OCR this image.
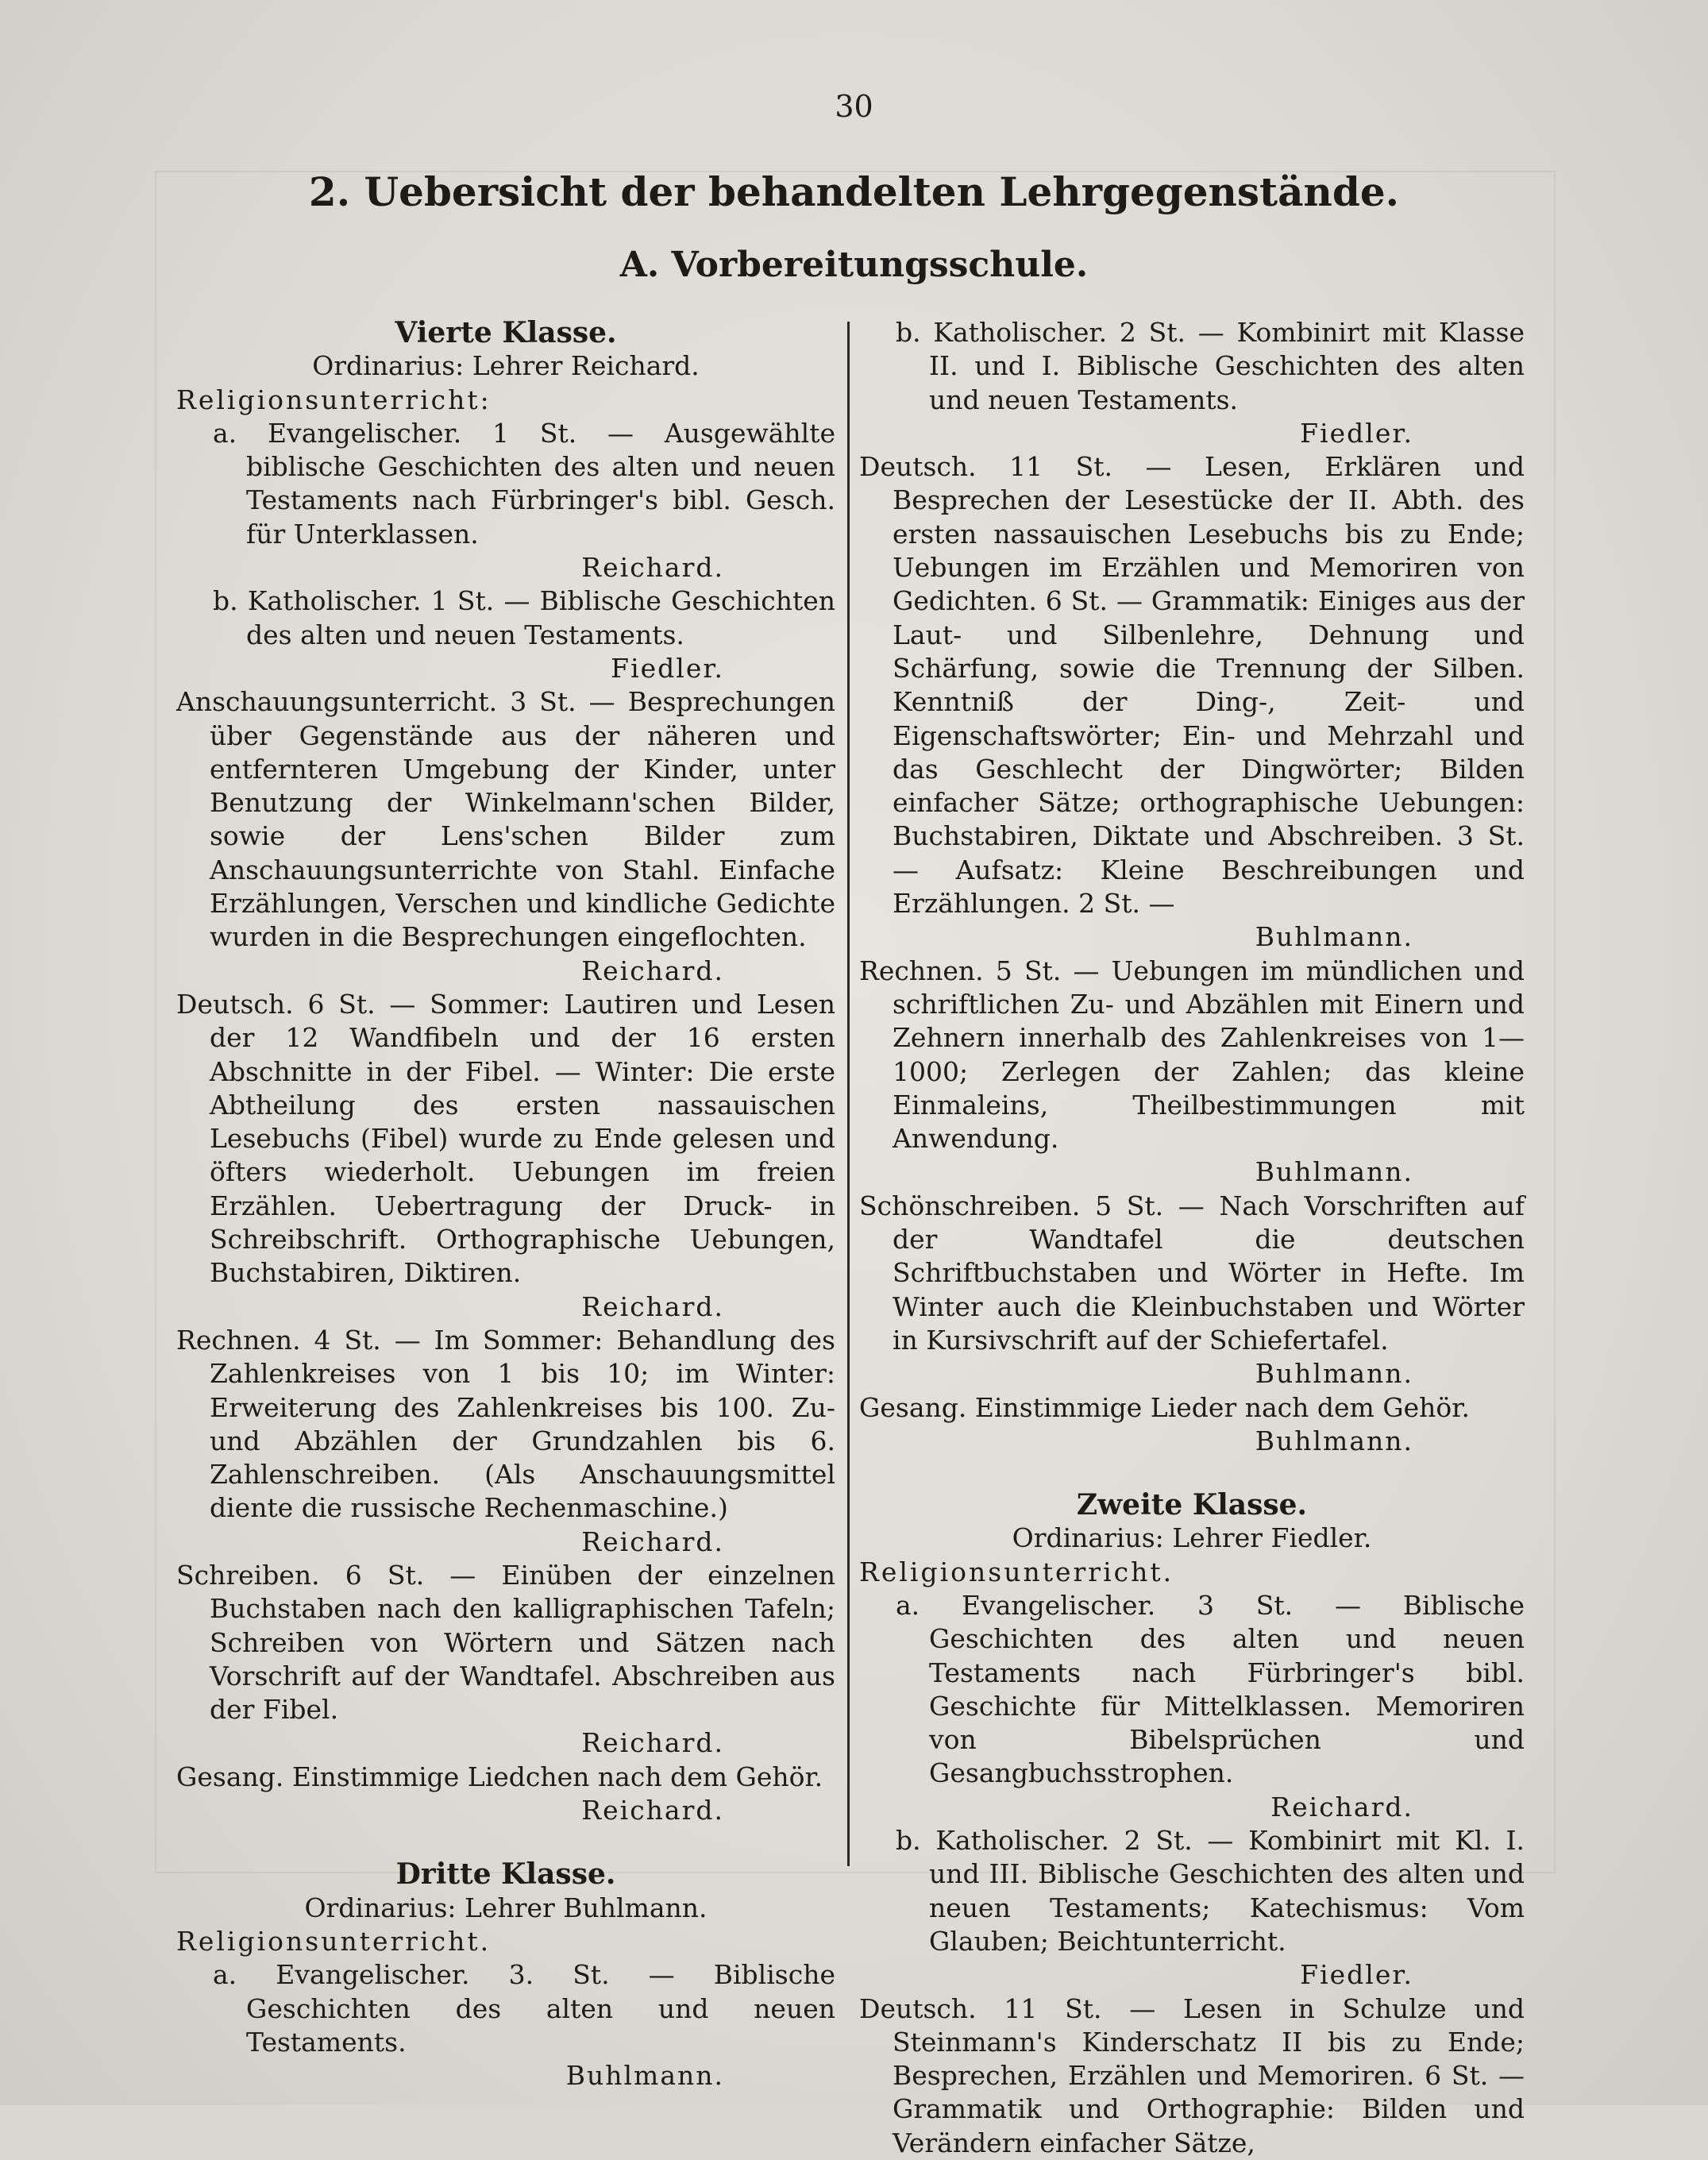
30
2. Uebersicht der behandelten Lehrgegenstände.
A. Vorbereitungsschule.

Vierte Klasse.

Ordinarius: Lehrer Reichard.

Religionsunterricht:

a. Evangelischer. 1 St. — Ausgewählte biblische Geschichten des alten und neuen Testaments nach Fürbringer's bibl. Gesch. für Unterklassen.

Reichard.

b. Katholischer. 1 St. — Biblische Geschichten des alten und neuen Testaments.

Fiedler.

Anschauungsunterricht. 3 St. — Besprechungen über Gegenstände aus der näheren und entfernteren Umgebung der Kinder, unter Benutzung der Winkelmann'schen Bilder, sowie der Lens'schen Bilder zum Anschauungsunterrichte von Stahl. Einfache Erzählungen, Verschen und kindliche Gedichte wurden in die Besprechungen eingeflochten.

Reichard.

Deutsch. 6 St. — Sommer: Lautiren und Lesen der 12 Wandfibeln und der 16 ersten Abschnitte in der Fibel. — Winter: Die erste Abtheilung des ersten nassauischen Lesebuchs (Fibel) wurde zu Ende gelesen und öfters wiederholt. Uebungen im freien Erzählen. Uebertragung der Druck- in Schreibschrift. Orthographische Uebungen, Buchstabiren, Diktiren.

Reichard.

Rechnen. 4 St. — Im Sommer: Behandlung des Zahlenkreises von 1 bis 10; im Winter: Erweiterung des Zahlenkreises bis 100. Zu- und Abzählen der Grundzahlen bis 6. Zahlenschreiben. (Als Anschauungsmittel diente die russische Rechenmaschine.)

Reichard.

Schreiben. 6 St. — Einüben der einzelnen Buchstaben nach den kalligraphischen Tafeln; Schreiben von Wörtern und Sätzen nach Vorschrift auf der Wandtafel. Abschreiben aus der Fibel.

Reichard.

Gesang. Einstimmige Liedchen nach dem Gehör.

Reichard.

Dritte Klasse.

Ordinarius: Lehrer Buhlmann.

Religionsunterricht.

a. Evangelischer. 3. St. — Biblische Geschichten des alten und neuen Testaments.

Buhlmann.

b. Katholischer. 2 St. — Kombinirt mit Klasse II. und I. Biblische Geschichten des alten und neuen Testaments.

Fiedler.

Deutsch. 11 St. — Lesen, Erklären und Besprechen der Lesestücke der II. Abth. des ersten nassauischen Lesebuchs bis zu Ende; Uebungen im Erzählen und Memoriren von Gedichten. 6 St. — Grammatik: Einiges aus der Laut- und Silbenlehre, Dehnung und Schärfung, sowie die Trennung der Silben. Kenntniß der Ding-, Zeit- und Eigenschaftswörter; Ein- und Mehrzahl und das Geschlecht der Dingwörter; Bilden einfacher Sätze; orthographische Uebungen: Buchstabiren, Diktate und Abschreiben. 3 St. — Aufsatz: Kleine Beschreibungen und Erzählungen. 2 St. —

Buhlmann.

Rechnen. 5 St. — Uebungen im mündlichen und schriftlichen Zu- und Abzählen mit Einern und Zehnern innerhalb des Zahlenkreises von 1—1000; Zerlegen der Zahlen; das kleine Einmaleins, Theilbestimmungen mit Anwendung.

Buhlmann.

Schönschreiben. 5 St. — Nach Vorschriften auf der Wandtafel die deutschen Schriftbuchstaben und Wörter in Hefte. Im Winter auch die Kleinbuchstaben und Wörter in Kursivschrift auf der Schiefertafel.

Buhlmann.

Gesang. Einstimmige Lieder nach dem Gehör.

Buhlmann.

Zweite Klasse.

Ordinarius: Lehrer Fiedler.

Religionsunterricht.

a. Evangelischer. 3 St. — Biblische Geschichten des alten und neuen Testaments nach Fürbringer's bibl. Geschichte für Mittelklassen. Memoriren von Bibelsprüchen und Gesangbuchsstrophen.

Reichard.

b. Katholischer. 2 St. — Kombinirt mit Kl. I. und III. Biblische Geschichten des alten und neuen Testaments; Katechismus: Vom Glauben; Beichtunterricht.

Fiedler.

Deutsch. 11 St. — Lesen in Schulze und Steinmann's Kinderschatz II bis zu Ende; Besprechen, Erzählen und Memoriren. 6 St. — Grammatik und Orthographie: Bilden und Verändern einfacher Sätze,
